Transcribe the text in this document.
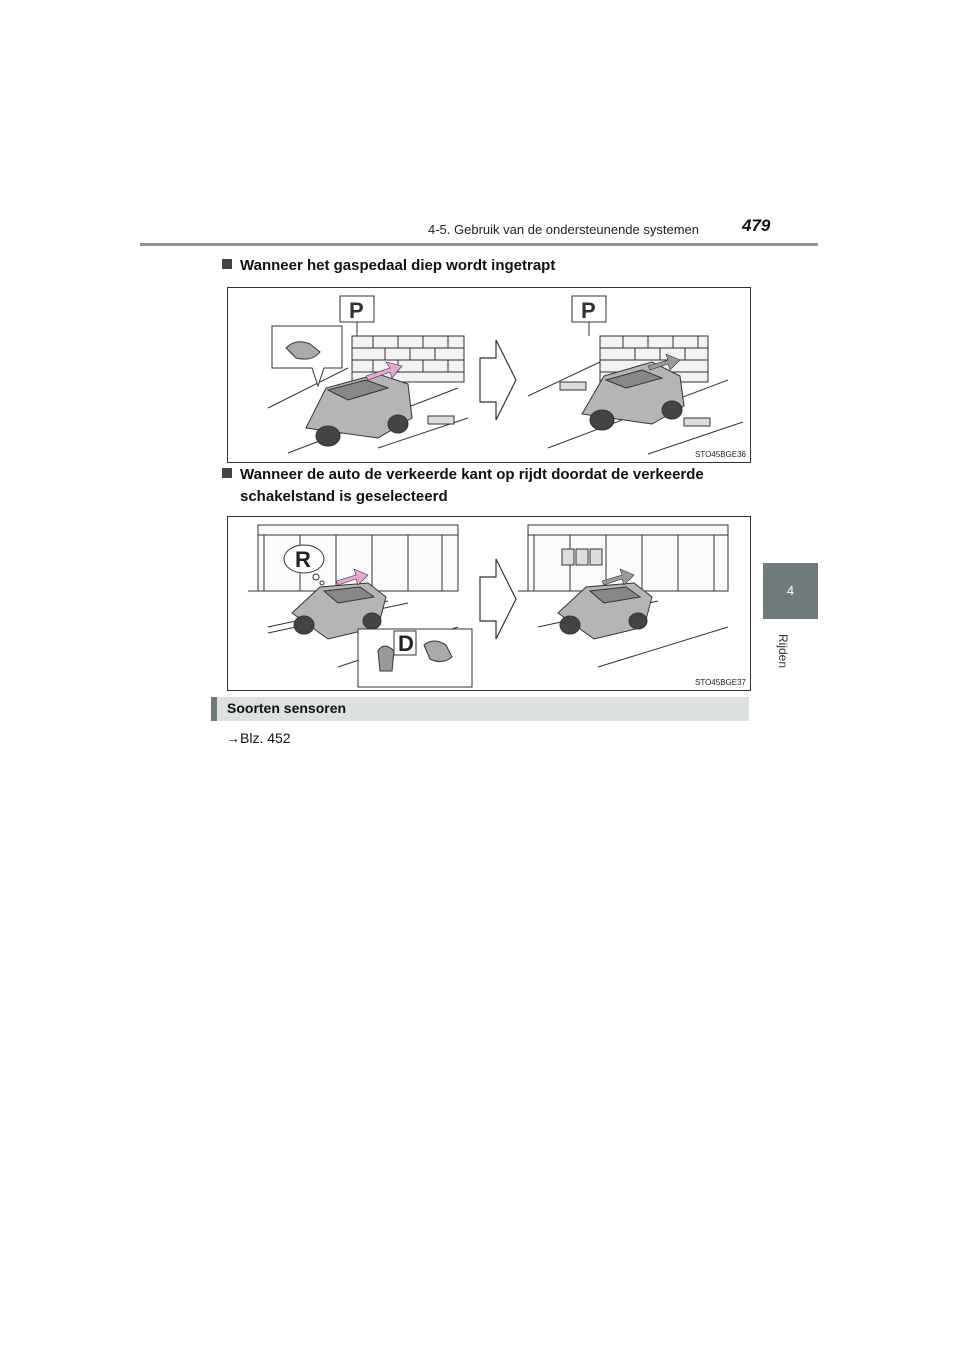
4-5. Gebruik van de ondersteunende systemen	479
4
Rijden
Wanneer het gaspedaal diep wordt ingetrapt
P	P
STO45BGE36
Wanneer de auto de verkeerde kant op rijdt doordat de verkeerde
schakelstand is geselecteerd
R
D
STO45BGE37
Soorten sensoren
→Blz. 452
